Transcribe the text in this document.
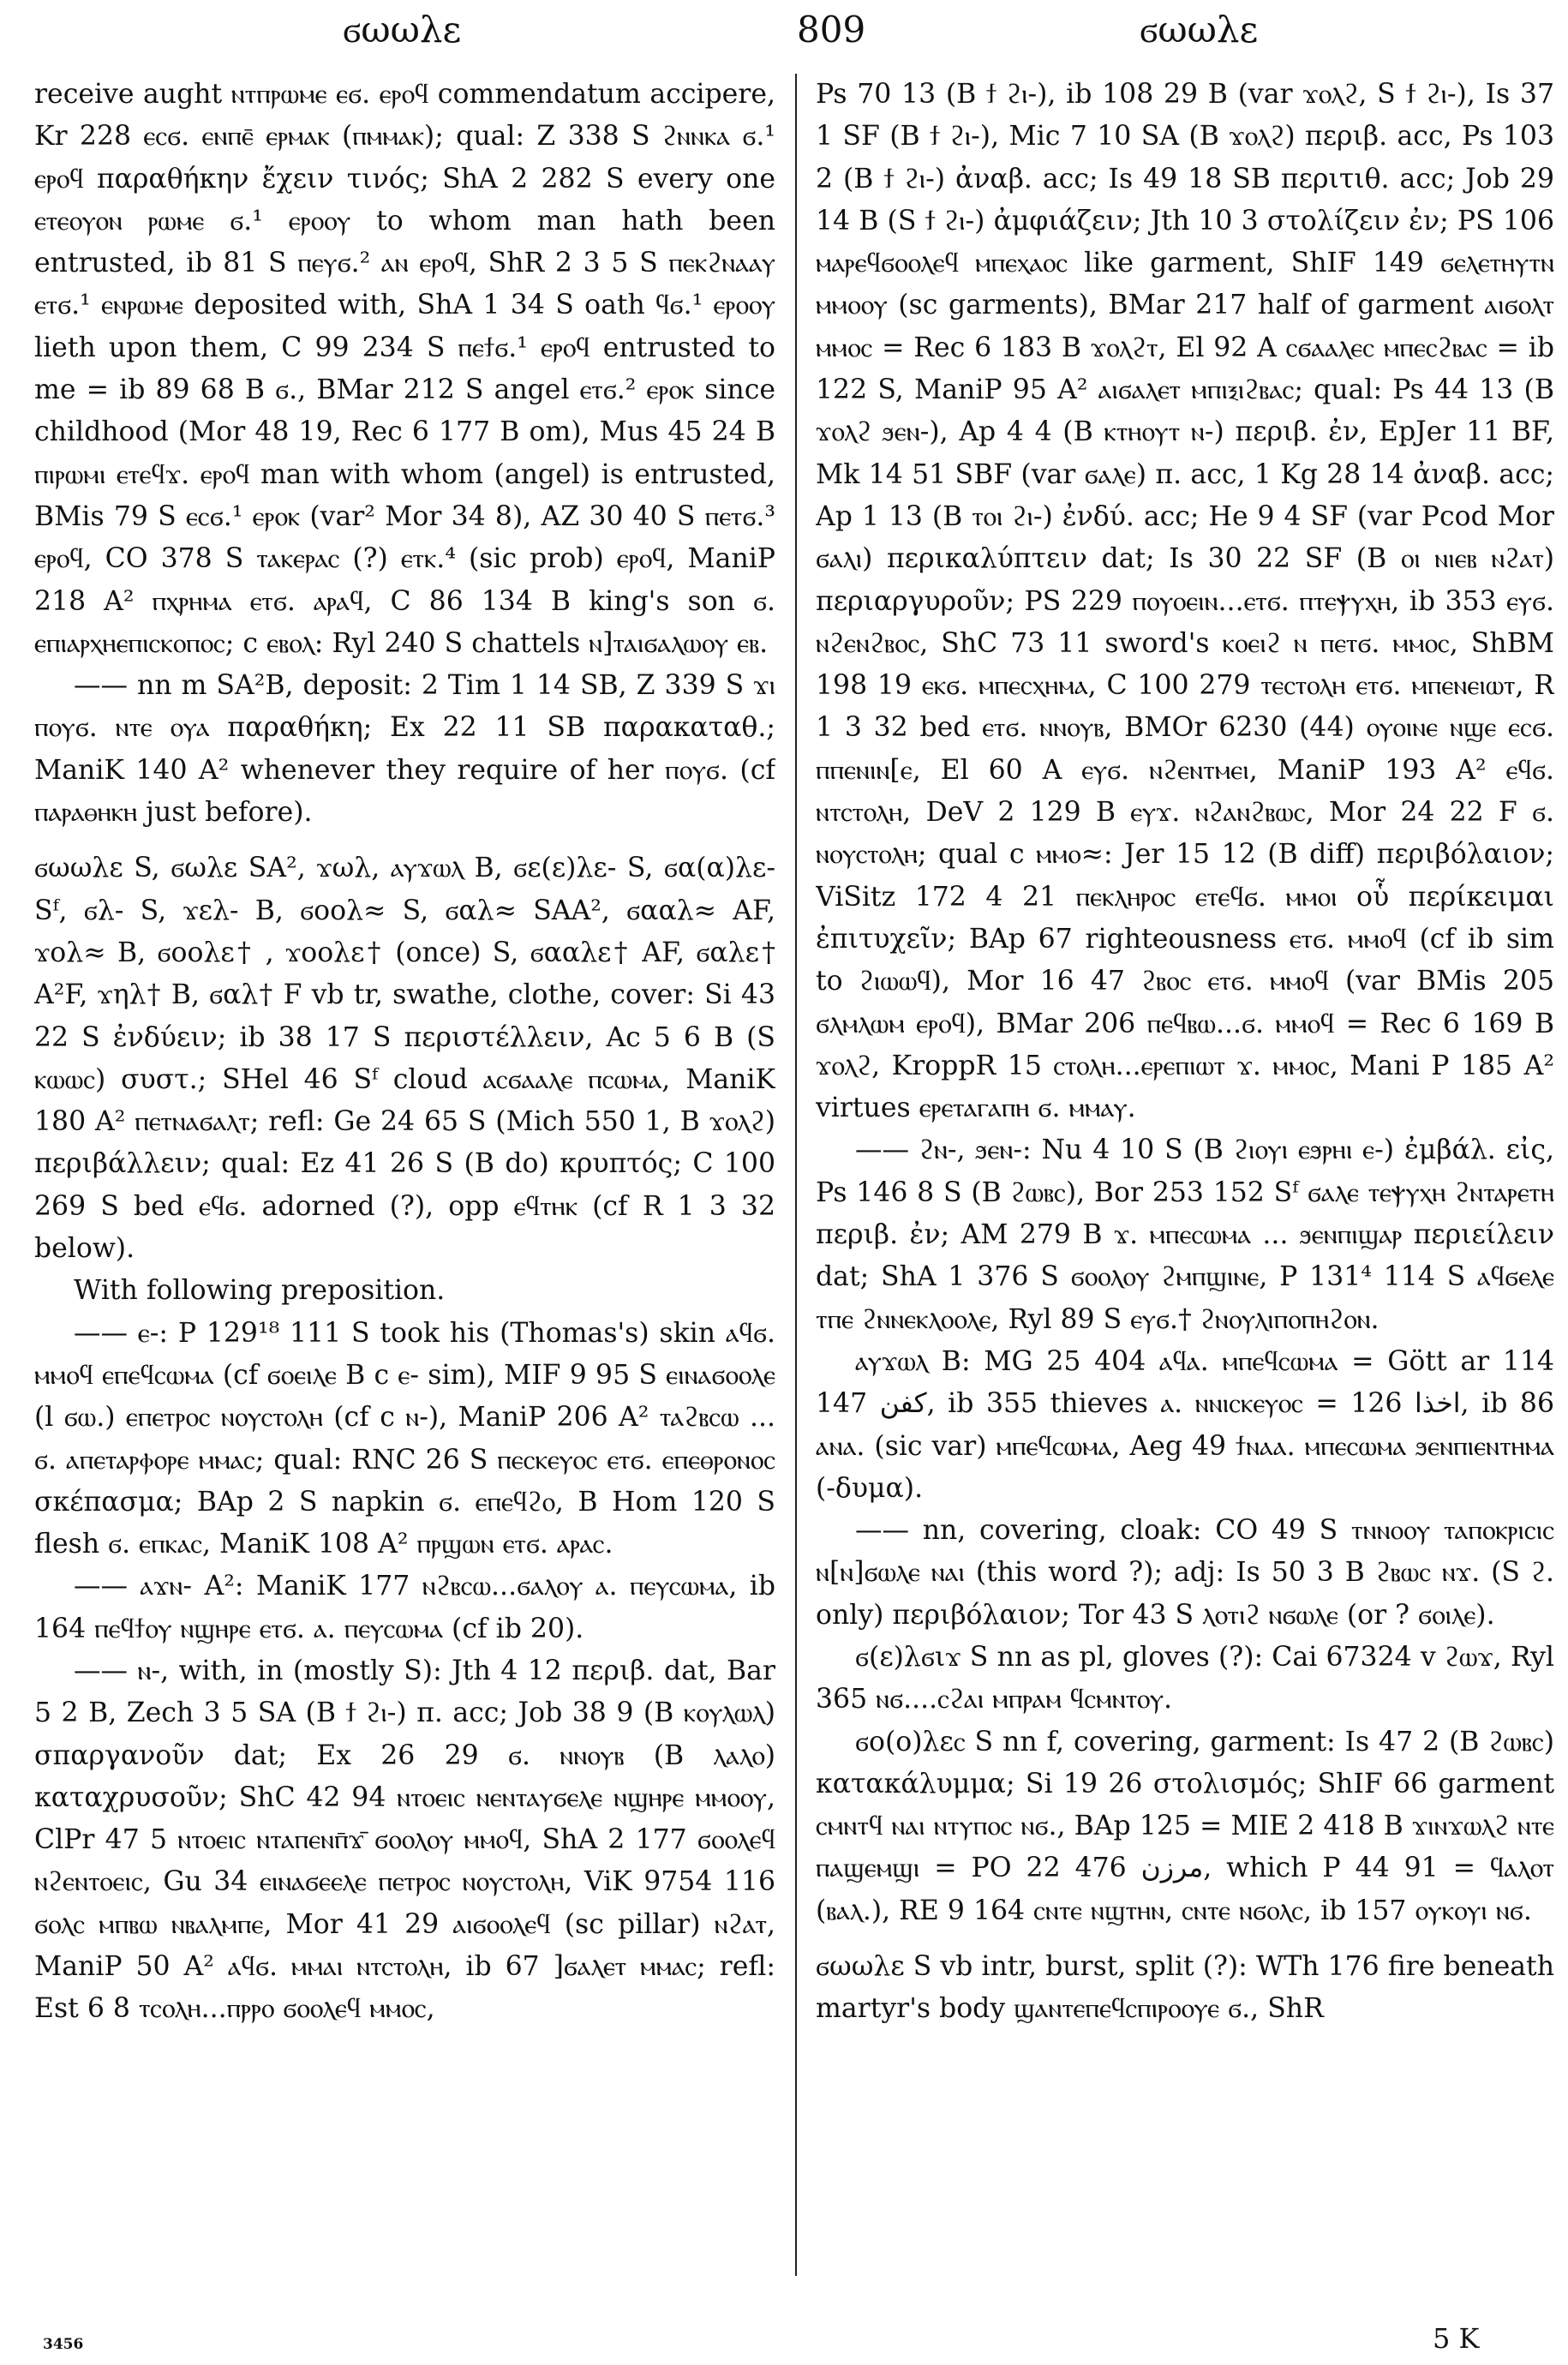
ϭωωλε	809	ϭωωλε

receive aught ⲛⲧⲡⲣⲱⲙⲉ ⲉϭ. ⲉⲣⲟϥ commendatum accipere, Kr 228 ⲉⲥϭ. ⲉⲛⲡⲉ̄ ⲉⲣⲙⲁⲕ (ⲡⲙⲙⲁⲕ); qual: Z 338 S ϩⲛⲛⲕⲁ ϭ.¹ ⲉⲣⲟϥ παραθήκην ἔχειν τινός; ShA 2 282 S every one ⲉⲧⲉⲟⲩⲟⲛ ⲣⲱⲙⲉ ϭ.¹ ⲉⲣⲟⲟⲩ to whom man hath been entrusted, ib 81 S ⲡⲉⲩϭ.² ⲁⲛ ⲉⲣⲟϥ, ShR 2 3 5 S ⲡⲉⲕϩⲛⲁⲁⲩ ⲉⲧϭ.¹ ⲉⲛⲣⲱⲙⲉ deposited with, ShA 1 34 S oath ϥϭ.¹ ⲉⲣⲟⲟⲩ lieth upon them, C 99 234 S ⲡⲉϯϭ.¹ ⲉⲣⲟϥ entrusted to me = ib 89 68 B ϭ., BMar 212 S angel ⲉⲧϭ.² ⲉⲣⲟⲕ since childhood (Mor 48 19, Rec 6 177 B om), Mus 45 24 B ⲡⲓⲣⲱⲙⲓ ⲉⲧⲉϥϫ. ⲉⲣⲟϥ man with whom (angel) is entrusted, BMis 79 S ⲉⲥϭ.¹ ⲉⲣⲟⲕ (var² Mor 34 8), AZ 30 40 S ⲡⲉⲧϭ.³ ⲉⲣⲟϥ, CO 378 S ⲧⲁⲕⲉⲣⲁⲥ (?) ⲉⲧⲕ.⁴ (sic prob) ⲉⲣⲟϥ, ManiP 218 A² ⲡⲭⲣⲏⲙⲁ ⲉⲧϭ. ⲁⲣⲁϥ, C 86 134 B king's son ϭ. ⲉⲡⲓⲁⲣⲭⲏⲉⲡⲓⲥⲕⲟⲡⲟⲥ; c ⲉⲃⲟⲗ: Ryl 240 S chattels ⲛ]ⲧⲁⲓϭⲁⲗⲱⲟⲩ ⲉⲃ.

—— nn m SA²B, deposit: 2 Tim 1 14 SB, Z 339 S ϫⲓ ⲡⲟⲩϭ. ⲛⲧⲉ ⲟⲩⲁ παραθήκη; Ex 22 11 SB παρακαταθ.; ManiK 140 A² whenever they require of her ⲡⲟⲩϭ. (cf ⲡⲁⲣⲁⲑⲏⲕⲏ just before).

ϭωωλε S, ϭωλε SA², ϫωλ, ⲁⲩϫⲱⲗ B, ϭε(ε)λε- S, ϭα(α)λε- Sᶠ, ϭλ- S, ϫελ- B, ϭοολ≈ S, ϭαλ≈ SAA², ϭααλ≈ AF, ϫολ≈ B, ϭοολε† , ϫοολε† (once) S, ϭααλε† AF, ϭαλε† A²F, ϫηλ† B, ϭαλ† F vb tr, swathe, clothe, cover: Si 43 22 S ἐνδύειν; ib 38 17 S περιστέλλειν, Ac 5 6 B (S ⲕⲱⲱⲥ) συστ.; SHel 46 Sᶠ cloud ⲁⲥϭⲁⲁⲗⲉ ⲡⲥⲱⲙⲁ, ManiK 180 A² ⲡⲉⲧⲛⲁϭⲁⲗⲧ; refl: Ge 24 65 S (Mich 550 1, B ϫⲟⲗϩ) περιβάλλειν; qual: Ez 41 26 S (B do) κρυπτός; C 100 269 S bed ⲉϥϭ. adorned (?), opp ⲉϥⲧⲏⲕ (cf R 1 3 32 below).

With following preposition.

—— ⲉ-: P 129¹⁸ 111 S took his (Thomas's) skin ⲁϥϭ. ⲙⲙⲟϥ ⲉⲡⲉϥⲥⲱⲙⲁ (cf ϭⲟⲉⲓⲗⲉ B c ⲉ- sim), MIF 9 95 S ⲉⲓⲛⲁϭⲟⲟⲗⲉ (l ϭⲱ.) ⲉⲡⲉⲧⲣⲟⲥ ⲛⲟⲩⲥⲧⲟⲗⲏ (cf c ⲛ-), ManiP 206 A² ⲧⲁϩⲃⲥⲱ ... ϭ. ⲁⲡⲉⲧⲁⲣⲫⲟⲣⲉ ⲙⲙⲁⲥ; qual: RNC 26 S ⲡⲉⲥⲕⲉⲩⲟⲥ ⲉⲧϭ. ⲉⲡⲉⲑⲣⲟⲛⲟⲥ σκέπασμα; BAp 2 S napkin ϭ. ⲉⲡⲉϥϩⲟ, B Hom 120 S flesh ϭ. ⲉⲡⲕⲁⲥ, ManiK 108 A² ⲡⲣϣⲱⲛ ⲉⲧϭ. ⲁⲣⲁⲥ.

—— ⲁϫⲛ- A²: ManiK 177 ⲛϩⲃⲥⲱ...ϭⲁⲗⲟⲩ ⲁ. ⲡⲉⲩⲥⲱⲙⲁ, ib 164 ⲡⲉϥϯⲟⲩ ⲛϣⲏⲣⲉ ⲉⲧϭ. ⲁ. ⲡⲉⲩⲥⲱⲙⲁ (cf ib 20).

—— ⲛ-, with, in (mostly S): Jth 4 12 περιβ. dat, Bar 5 2 B, Zech 3 5 SA (B ϯ ϩⲓ-) π. acc; Job 38 9 (B ⲕⲟⲩⲗⲱⲗ) σπαργανοῦν dat; Ex 26 29 ϭ. ⲛⲛⲟⲩⲃ (B ⲗⲁⲗⲟ) καταχρυσοῦν; ShC 42 94 ⲛⲧⲟⲉⲓⲥ ⲛⲉⲛⲧⲁⲩϭⲉⲗⲉ ⲛϣⲏⲣⲉ ⲙⲙⲟⲟⲩ, ClPr 47 5 ⲛⲧⲟⲉⲓⲥ ⲛⲧⲁⲡⲉⲛⲡ̄ϫ̄ ϭⲟⲟⲗⲟⲩ ⲙⲙⲟϥ, ShA 2 177 ϭⲟⲟⲗⲉϥ ⲛϩⲉⲛⲧⲟⲉⲓⲥ, Gu 34 ⲉⲓⲛⲁϭⲉⲉⲗⲉ ⲡⲉⲧⲣⲟⲥ ⲛⲟⲩⲥⲧⲟⲗⲏ, ViK 9754 116 ϭⲟⲗⲥ ⲙⲡⲃⲱ ⲛⲃⲁⲗⲙⲡⲉ, Mor 41 29 ⲁⲓϭⲟⲟⲗⲉϥ (sc pillar) ⲛϩⲁⲧ, ManiP 50 A² ⲁϥϭ. ⲙⲙⲁⲓ ⲛⲧⲥⲧⲟⲗⲏ, ib 67 ]ϭⲁⲗⲉⲧ ⲙⲙⲁⲥ; refl: Est 6 8 ⲧⲥⲟⲗⲏ...ⲡⲣⲣⲟ ϭⲟⲟⲗⲉϥ ⲙⲙⲟⲥ,

Ps 70 13 (B ϯ ϩⲓ-), ib 108 29 B (var ϫⲟⲗϩ, S ϯ ϩⲓ-), Is 37 1 SF (B ϯ ϩⲓ-), Mic 7 10 SA (B ϫⲟⲗϩ) περιβ. acc, Ps 103 2 (B ϯ ϩⲓ-) ἀναβ. acc; Is 49 18 SB περιτιθ. acc; Job 29 14 B (S ϯ ϩⲓ-) ἀμφιάζειν; Jth 10 3 στολίζειν ἐν; PS 106 ⲙⲁⲣⲉϥϭⲟⲟⲗⲉϥ ⲙⲡⲉⲭⲁⲟⲥ like garment, ShIF 149 ϭⲉⲗⲉⲧⲏⲩⲧⲛ ⲙⲙⲟⲟⲩ (sc garments), BMar 217 half of garment ⲁⲓϭⲟⲗⲧ ⲙⲙⲟⲥ = Rec 6 183 B ϫⲟⲗϩⲧ, El 92 A ⲥϭⲁⲁⲗⲉⲥ ⲙⲡⲉⲥϩⲃⲁⲥ = ib 122 S, ManiP 95 A² ⲁⲓϭⲁⲗⲉⲧ ⲙⲡⲓⲝⲓϩⲃⲁⲥ; qual: Ps 44 13 (B ϫⲟⲗϩ ϧⲉⲛ-), Ap 4 4 (B ⲕⲧⲏⲟⲩⲧ ⲛ-) περιβ. ἐν, EpJer 11 BF, Mk 14 51 SBF (var ϭⲁⲗⲉ) π. acc, 1 Kg 28 14 ἀναβ. acc; Ap 1 13 (B ⲧⲟⲓ ϩⲓ-) ἐνδύ. acc; He 9 4 SF (var Pcod Mor ϭⲁⲗⲓ) περικαλύπτειν dat; Is 30 22 SF (B ⲟⲓ ⲛⲓⲉⲃ ⲛϩⲁⲧ) περιαργυροῦν; PS 229 ⲡⲟⲩⲟⲉⲓⲛ...ⲉⲧϭ. ⲡⲧⲉⲯⲩⲭⲏ, ib 353 ⲉⲩϭ. ⲛϩⲉⲛϩⲃⲟⲥ, ShC 73 11 sword's ⲕⲟⲉⲓϩ ⲛ ⲡⲉⲧϭ. ⲙⲙⲟⲥ, ShBM 198 19 ⲉⲕϭ. ⲙⲡⲉⲥⲭⲏⲙⲁ, C 100 279 ⲧⲉⲥⲧⲟⲗⲏ ⲉⲧϭ. ⲙⲡⲉⲛⲉⲓⲱⲧ, R 1 3 32 bed ⲉⲧϭ. ⲛⲛⲟⲩⲃ, BMOr 6230 (44) ⲟⲩⲟⲓⲛⲉ ⲛϣⲉ ⲉⲥϭ. ⲡⲡⲉⲛⲓⲛ[ⲉ, El 60 A ⲉⲩϭ. ⲛϩⲉⲛⲧⲙⲉⲓ, ManiP 193 A² ⲉϥϭ. ⲛⲧⲥⲧⲟⲗⲏ, DeV 2 129 B ⲉⲩϫ. ⲛϩⲁⲛϩⲃⲱⲥ, Mor 24 22 F ϭ. ⲛⲟⲩⲥⲧⲟⲗⲏ; qual c ⲙⲙⲟ≈: Jer 15 12 (B diff) περιβόλαιον; ViSitz 172 4 21 ⲡⲉⲕⲗⲏⲣⲟⲥ ⲉⲧⲉϥϭ. ⲙⲙⲟⲓ οὗ περίκειμαι ἐπιτυχεῖν; BAp 67 righteousness ⲉⲧϭ. ⲙⲙⲟϥ (cf ib sim to ϩⲓⲱⲱϥ), Mor 16 47 ϩⲃⲟⲥ ⲉⲧϭ. ⲙⲙⲟϥ (var BMis 205 ϭⲗⲙⲗⲱⲙ ⲉⲣⲟϥ), BMar 206 ⲡⲉϥⲃⲱ...ϭ. ⲙⲙⲟϥ = Rec 6 169 B ϫⲟⲗϩ, KroppR 15 ⲥⲧⲟⲗⲏ...ⲉⲣⲉⲡⲓⲱⲧ ϫ. ⲙⲙⲟⲥ, Mani P 185 A² virtues ⲉⲣⲉⲧⲁⲅⲁⲡⲏ ϭ. ⲙⲙⲁⲩ.

—— ϩⲛ-, ϧⲉⲛ-: Nu 4 10 S (B ϩⲓⲟⲩⲓ ⲉϧⲣⲏⲓ ⲉ-) ἐμβάλ. εἰς, Ps 146 8 S (B ϩⲱⲃⲥ), Bor 253 152 Sᶠ ϭⲁⲗⲉ ⲧⲉⲯⲩⲭⲏ ϩⲛⲧⲁⲣⲉⲧⲏ περιβ. ἐν; AM 279 B ϫ. ⲙⲡⲉⲥⲱⲙⲁ ... ϧⲉⲛⲡⲓϣⲁⲣ περιείλειν dat; ShA 1 376 S ϭⲟⲟⲗⲟⲩ ϩⲙⲡϣⲓⲛⲉ, P 131⁴ 114 S ⲁϥϭⲉⲗⲉ ⲧⲡⲉ ϩⲛⲛⲉⲕⲗⲟⲟⲗⲉ, Ryl 89 S ⲉⲩϭ.† ϩⲛⲟⲩⲗⲓⲡⲟⲡⲏϩⲟⲛ.

ⲁⲩϫⲱⲗ B: MG 25 404 ⲁϥⲁ. ⲙⲡⲉϥⲥⲱⲙⲁ = Gött ar 114 147 كفن, ib 355 thieves ⲁ. ⲛⲛⲓⲥⲕⲉⲩⲟⲥ = 126 اخذا, ib 86 ⲁⲛⲁ. (sic var) ⲙⲡⲉϥⲥⲱⲙⲁ, Aeg 49 ϯⲛⲁⲁ. ⲙⲡⲉⲥⲱⲙⲁ ϧⲉⲛⲡⲓⲉⲛⲧⲏⲙⲁ (-δυμα).

—— nn, covering, cloak: CO 49 S ⲧⲛⲛⲟⲟⲩ ⲧⲁⲡⲟⲕⲣⲓⲥⲓⲥ ⲛ[ⲛ]ϭⲱⲗⲉ ⲛⲁⲓ (this word ?); adj: Is 50 3 B ϩⲃⲱⲥ ⲛϫ. (S ϩ. only) περιβόλαιον; Tor 43 S ⲗⲟⲧⲓϩ ⲛϭⲱⲗⲉ (or ? ϭⲟⲓⲗⲉ).

ϭ(ε)λϭιϫ S nn as pl, gloves (?): Cai 67324 v ϩⲱϫ, Ryl 365 ⲛϭ....ⲥϩⲁⲓ ⲙⲡⲣⲁⲙ ϥⲥⲙⲛⲧⲟⲩ.

ϭο(ο)λεⲥ S nn f, covering, garment: Is 47 2 (B ϩⲱⲃⲥ) κατακάλυμμα; Si 19 26 στολισμός; ShIF 66 garment ⲥⲙⲛⲧϥ ⲛⲁⲓ ⲛⲧⲩⲡⲟⲥ ⲛϭ., BAp 125 = MIE 2 418 B ϫⲓⲛϫⲱⲗϩ ⲛⲧⲉ ⲡⲁϣⲉⲙϣⲓ = PO 22 476 مرزن, which P 44 91 = ϥⲁⲗⲟⲧ (ⲃⲁⲗ.), RE 9 164 ⲥⲛⲧⲉ ⲛϣⲧⲏⲛ, ⲥⲛⲧⲉ ⲛϭⲟⲗⲥ, ib 157 ⲟⲩⲕⲟⲩⲓ ⲛϭ.

ϭωωλε S vb intr, burst, split (?): WTh 176 fire beneath martyr's body ϣⲁⲛⲧⲉⲡⲉϥⲥⲡⲓⲣⲟⲟⲩⲉ ϭ., ShR

3456	5 K
